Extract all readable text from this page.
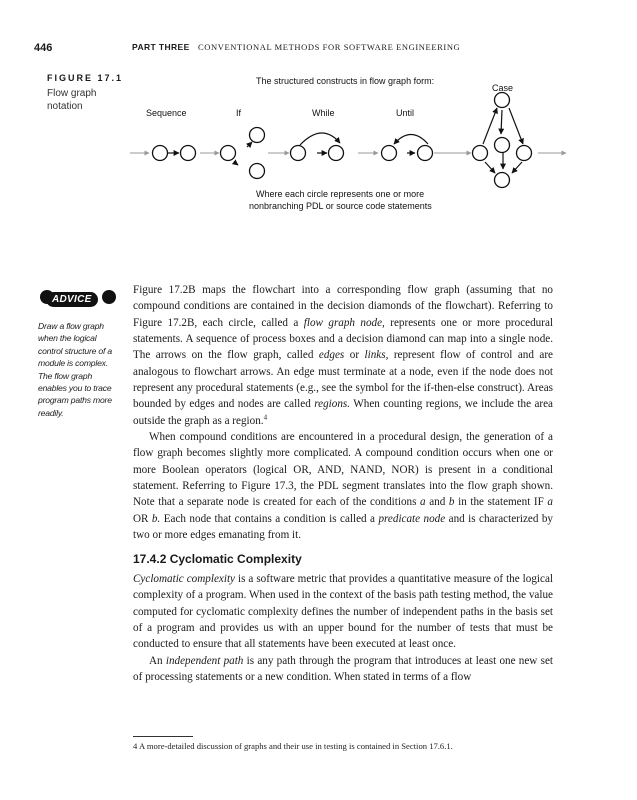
446	PART THREE CONVENTIONAL METHODS FOR SOFTWARE ENGINEERING
FIGURE 17.1
Flow graph notation
The structured constructs in flow graph form:
Sequence	If	While	Until
Case
Where each circle represents one or more
nonbranching PDL or source code statements
ADVICE
Draw a flow graph when the logical control structure of a module is complex. The flow graph enables you to trace program paths more readily.

Figure 17.2B maps the flowchart into a corresponding flow graph (assuming that no compound conditions are contained in the decision diamonds of the flowchart). Referring to Figure 17.2B, each circle, called a flow graph node, represents one or more procedural statements. A sequence of process boxes and a decision diamond can map into a single node. The arrows on the flow graph, called edges or links, represent flow of control and are analogous to flowchart arrows. An edge must terminate at a node, even if the node does not represent any procedural statements (e.g., see the symbol for the if-then-else construct). Areas bounded by edges and nodes are called regions. When counting regions, we include the area outside the graph as a region.$^4$

When compound conditions are encountered in a procedural design, the generation of a flow graph becomes slightly more complicated. A compound condition occurs when one or more Boolean operators (logical OR, AND, NAND, NOR) is present in a conditional statement. Referring to Figure 17.3, the PDL segment translates into the flow graph shown. Note that a separate node is created for each of the conditions a and b in the statement IF a OR b. Each node that contains a condition is called a predicate node and is characterized by two or more edges emanating from it.

17.4.2 Cyclomatic Complexity

Cyclomatic complexity is a software metric that provides a quantitative measure of the logical complexity of a program. When used in the context of the basis path testing method, the value computed for cyclomatic complexity defines the number of independent paths in the basis set of a program and provides us with an upper bound for the number of tests that must be conducted to ensure that all statements have been executed at least once.

An independent path is any path through the program that introduces at least one new set of processing statements or a new condition. When stated in terms of a flow

4 A more-detailed discussion of graphs and their use in testing is contained in Section 17.6.1.
